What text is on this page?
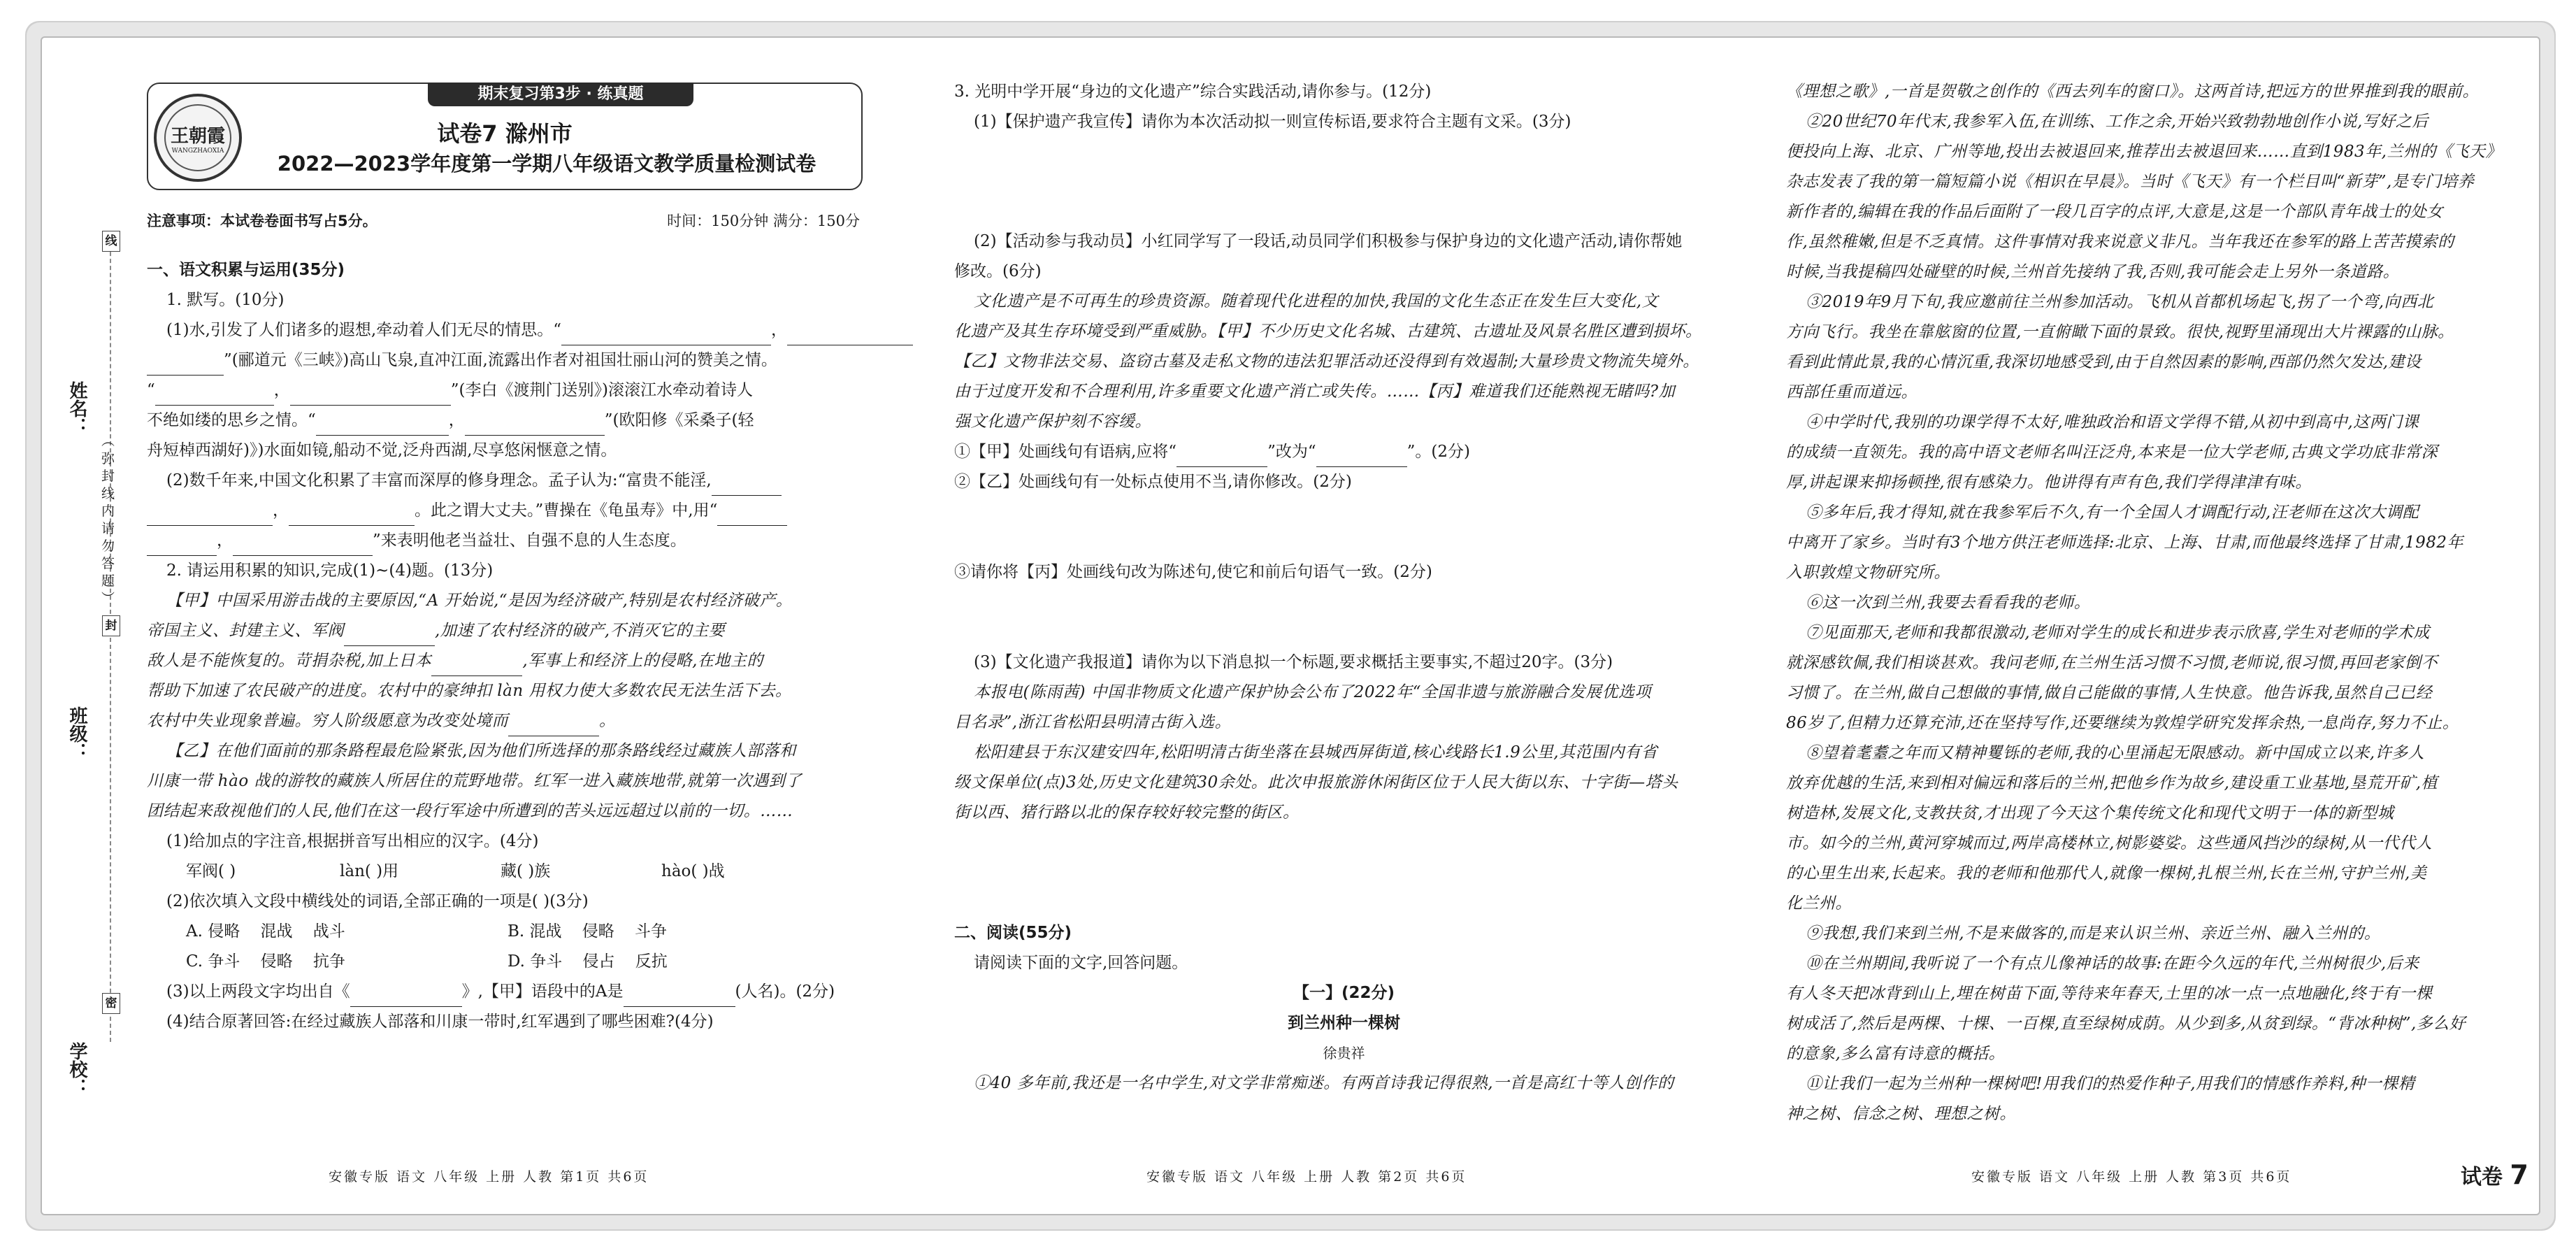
王朝霞
WANGZHAOXIA
期末复习第3步 · 练真题
试卷7 滁州市
2022—2023学年度第一学期八年级语文教学质量检测试卷
注意事项：本试卷卷面书写占5分。	时间：150分钟 满分：150分
线
封
密
姓名：
（ 弥 封 线 内 请 勿 答 题 ）
班级：
学校：

一、语文积累与运用(35分)

1. 默写。(10分)

(1)水,引发了人们诸多的遐想,牵动着人们无尽的情思。“	，

”(郦道元《三峡》)高山飞泉,直冲江面,流露出作者对祖国壮丽山河的赞美之情。

“	，	”(李白《渡荆门送别》)滚滚江水牵动着诗人

不绝如缕的思乡之情。“	，	”(欧阳修《采桑子(轻

舟短棹西湖好)》)水面如镜,船动不觉,泛舟西湖,尽享悠闲惬意之情。

(2)数千年来,中国文化积累了丰富而深厚的修身理念。孟子认为:“富贵不能淫,

，	。此之谓大丈夫。”曹操在《龟虽寿》中,用“

，	”来表明他老当益壮、自强不息的人生态度。

2. 请运用积累的知识,完成(1)~(4)题。(13分)

【甲】中国采用游击战的主要原因,“A 开始说,“是因为经济破产,特别是农村经济破产。

帝国主义、封建主义、军阀	,加速了农村经济的破产,不消灭它的主要

敌人是不能恢复的。苛捐杂税,加上日本	,军事上和经济上的侵略,在地主的

帮助下加速了农民破产的进度。农村中的豪绅扣 làn 用权力使大多数农民无法生活下去。

农村中失业现象普遍。穷人阶级愿意为改变处境而	。

【乙】在他们面前的那条路程最危险紧张,因为他们所选择的那条路线经过藏族人部落和

川康一带 hào 战的游牧的藏族人所居住的荒野地带。红军一进入藏族地带,就第一次遇到了

团结起来敌视他们的人民,他们在这一段行军途中所遭到的苦头远远超过以前的一切。……

(1)给加点的字注音,根据拼音写出相应的汉字。(4分)

军阀( )	làn( )用	藏( )族	hào( )战

(2)依次填入文段中横线处的词语,全部正确的一项是( )(3分)

A. 侵略    混战    战斗	B. 混战    侵略    斗争

C. 争斗    侵略    抗争	D. 争斗    侵占    反抗

(3)以上两段文字均出自《	》,【甲】语段中的A是	(人名)。(2分)

(4)结合原著回答:在经过藏族人部落和川康一带时,红军遇到了哪些困难?(4分)

3. 光明中学开展“身边的文化遗产”综合实践活动,请你参与。(12分)

(1)【保护遗产我宣传】请你为本次活动拟一则宣传标语,要求符合主题有文采。(3分)

(2)【活动参与我动员】小红同学写了一段话,动员同学们积极参与保护身边的文化遗产活动,请你帮她

修改。(6分)

文化遗产是不可再生的珍贵资源。随着现代化进程的加快,我国的文化生态正在发生巨大变化,文

化遗产及其生存环境受到严重威胁。【甲】不少历史文化名城、古建筑、古遗址及风景名胜区遭到损坏。

【乙】文物非法交易、盗窃古墓及走私文物的违法犯罪活动还没得到有效遏制;大量珍贵文物流失境外。

由于过度开发和不合理利用,许多重要文化遗产消亡或失传。……【丙】难道我们还能熟视无睹吗?加

强文化遗产保护刻不容缓。

①【甲】处画线句有语病,应将“	”改为“	”。(2分)

②【乙】处画线句有一处标点使用不当,请你修改。(2分)

③请你将【丙】处画线句改为陈述句,使它和前后句语气一致。(2分)

(3)【文化遗产我报道】请你为以下消息拟一个标题,要求概括主要事实,不超过20字。(3分)

本报电(陈雨茜) 中国非物质文化遗产保护协会公布了2022年“全国非遗与旅游融合发展优选项

目名录”,浙江省松阳县明清古街入选。

松阳建县于东汉建安四年,松阳明清古街坐落在县城西屏街道,核心线路长1.9公里,其范围内有省

级文保单位(点)3处,历史文化建筑30余处。此次申报旅游休闲街区位于人民大街以东、十字街—塔头

街以西、猪行路以北的保存较好较完整的街区。

二、阅读(55分)

请阅读下面的文字,回答问题。

【一】(22分)

到兰州种一棵树

徐贵祥

①40 多年前,我还是一名中学生,对文学非常痴迷。有两首诗我记得很熟,一首是高红十等人创作的

《理想之歌》,一首是贺敬之创作的《西去列车的窗口》。这两首诗,把远方的世界推到我的眼前。

②20世纪70年代末,我参军入伍,在训练、工作之余,开始兴致勃勃地创作小说,写好之后

便投向上海、北京、广州等地,投出去被退回来,推荐出去被退回来……直到1983年,兰州的《飞天》

杂志发表了我的第一篇短篇小说《相识在早晨》。当时《飞天》有一个栏目叫“新芽”,是专门培养

新作者的,编辑在我的作品后面附了一段几百字的点评,大意是,这是一个部队青年战士的处女

作,虽然稚嫩,但是不乏真情。这件事情对我来说意义非凡。当年我还在参军的路上苦苦摸索的

时候,当我提稿四处碰壁的时候,兰州首先接纳了我,否则,我可能会走上另外一条道路。

③2019年9月下旬,我应邀前往兰州参加活动。飞机从首都机场起飞,拐了一个弯,向西北

方向飞行。我坐在靠舷窗的位置,一直俯瞰下面的景致。很快,视野里涌现出大片裸露的山脉。

看到此情此景,我的心情沉重,我深切地感受到,由于自然因素的影响,西部仍然欠发达,建设

西部任重而道远。

④中学时代,我别的功课学得不太好,唯独政治和语文学得不错,从初中到高中,这两门课

的成绩一直领先。我的高中语文老师名叫汪泛舟,本来是一位大学老师,古典文学功底非常深

厚,讲起课来抑扬顿挫,很有感染力。他讲得有声有色,我们学得津津有味。

⑤多年后,我才得知,就在我参军后不久,有一个全国人才调配行动,汪老师在这次大调配

中离开了家乡。当时有3个地方供汪老师选择:北京、上海、甘肃,而他最终选择了甘肃,1982年

入职敦煌文物研究所。

⑥这一次到兰州,我要去看看我的老师。

⑦见面那天,老师和我都很激动,老师对学生的成长和进步表示欣喜,学生对老师的学术成

就深感钦佩,我们相谈甚欢。我问老师,在兰州生活习惯不习惯,老师说,很习惯,再回老家倒不

习惯了。在兰州,做自己想做的事情,做自己能做的事情,人生快意。他告诉我,虽然自己已经

86岁了,但精力还算充沛,还在坚持写作,还要继续为敦煌学研究发挥余热,一息尚存,努力不止。

⑧望着耄耋之年而又精神矍铄的老师,我的心里涌起无限感动。新中国成立以来,许多人

放弃优越的生活,来到相对偏远和落后的兰州,把他乡作为故乡,建设重工业基地,垦荒开矿,植

树造林,发展文化,支教扶贫,才出现了今天这个集传统文化和现代文明于一体的新型城

市。如今的兰州,黄河穿城而过,两岸高楼林立,树影婆娑。这些通风挡沙的绿树,从一代代人

的心里生出来,长起来。我的老师和他那代人,就像一棵树,扎根兰州,长在兰州,守护兰州,美

化兰州。

⑨我想,我们来到兰州,不是来做客的,而是来认识兰州、亲近兰州、融入兰州的。

⑩在兰州期间,我听说了一个有点儿像神话的故事:在距今久远的年代,兰州树很少,后来

有人冬天把冰背到山上,埋在树苗下面,等待来年春天,土里的冰一点一点地融化,终于有一棵

树成活了,然后是两棵、十棵、一百棵,直至绿树成荫。从少到多,从贫到绿。“背冰种树”,多么好

的意象,多么富有诗意的概括。

⑪让我们一起为兰州种一棵树吧!用我们的热爱作种子,用我们的情感作养料,种一棵精

神之树、信念之树、理想之树。

安徽专版 语文 八年级 上册 人教 第1页 共6页	安徽专版 语文 八年级 上册 人教 第2页 共6页	安徽专版 语文 八年级 上册 人教 第3页 共6页	试卷 7
